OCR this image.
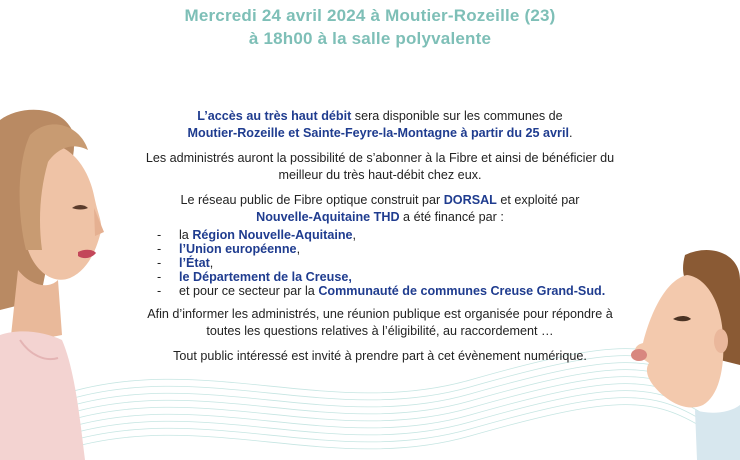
Mercredi 24 avril 2024 à Moutier-Rozeille (23)
à 18h00 à la salle polyvalente

L’accès au très haut débit sera disponible sur les communes de
Moutier-Rozeille et Sainte-Feyre-la-Montagne à partir du 25 avril.

Les administrés auront la possibilité de s’abonner à la Fibre et ainsi de bénéficier du meilleur du très haut-débit chez eux.

Le réseau public de Fibre optique construit par DORSAL et exploité par
Nouvelle-Aquitaine THD a été financé par :

- la Région Nouvelle-Aquitaine,
- l’Union européenne,
- l’État,
- le Département de la Creuse,
- et pour ce secteur par la Communauté de communes Creuse Grand-Sud.

Afin d’informer les administrés, une réunion publique est organisée pour répondre à toutes les questions relatives à l’éligibilité, au raccordement …

Tout public intéressé est invité à prendre part à cet évènement numérique.
